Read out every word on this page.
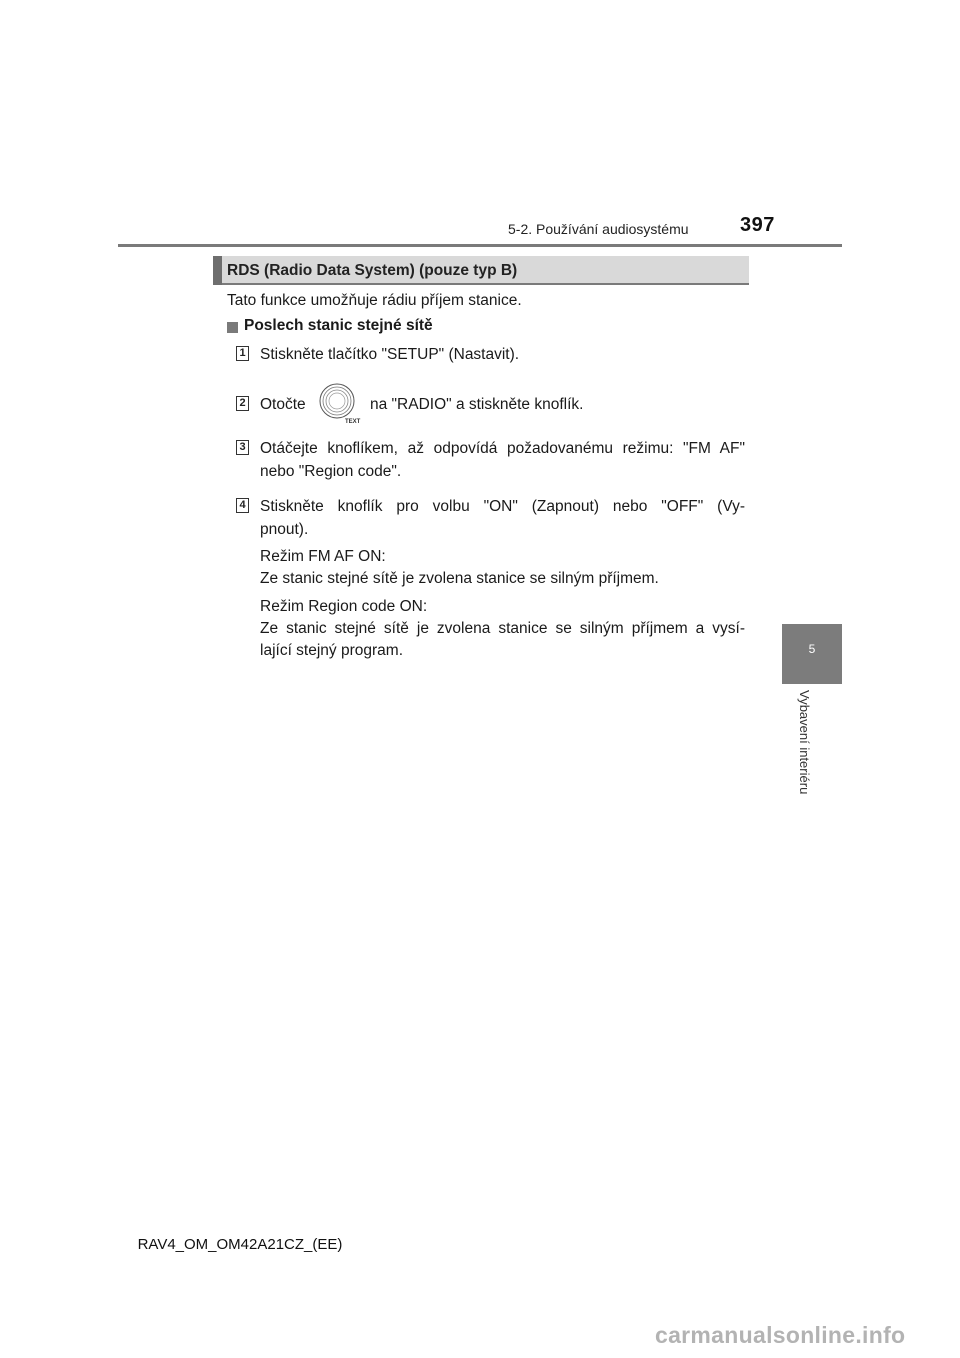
5-2. Používání audiosystému	397
5
Vybavení interiéru
RDS (Radio Data System) (pouze typ B)
Tato funkce umožňuje rádiu příjem stanice.
Poslech stanic stejné sítě
1 Stiskněte tlačítko "SETUP" (Nastavit).
2 Otočte
TEXT
na "RADIO" a stiskněte knoflík.
3 Otáčejte knoflíkem, až odpovídá požadovanému režimu: "FM AF"
nebo "Region code".
4 Stiskněte knoflík pro volbu "ON" (Zapnout) nebo "OFF" (Vy-
pnout).
Režim FM AF ON:
Ze stanic stejné sítě je zvolena stanice se silným příjmem.
Režim Region code ON:
Ze stanic stejné sítě je zvolena stanice se silným příjmem a vysí-
lající stejný program.
RAV4_OM_OM42A21CZ_(EE)
carmanualsonline.info
